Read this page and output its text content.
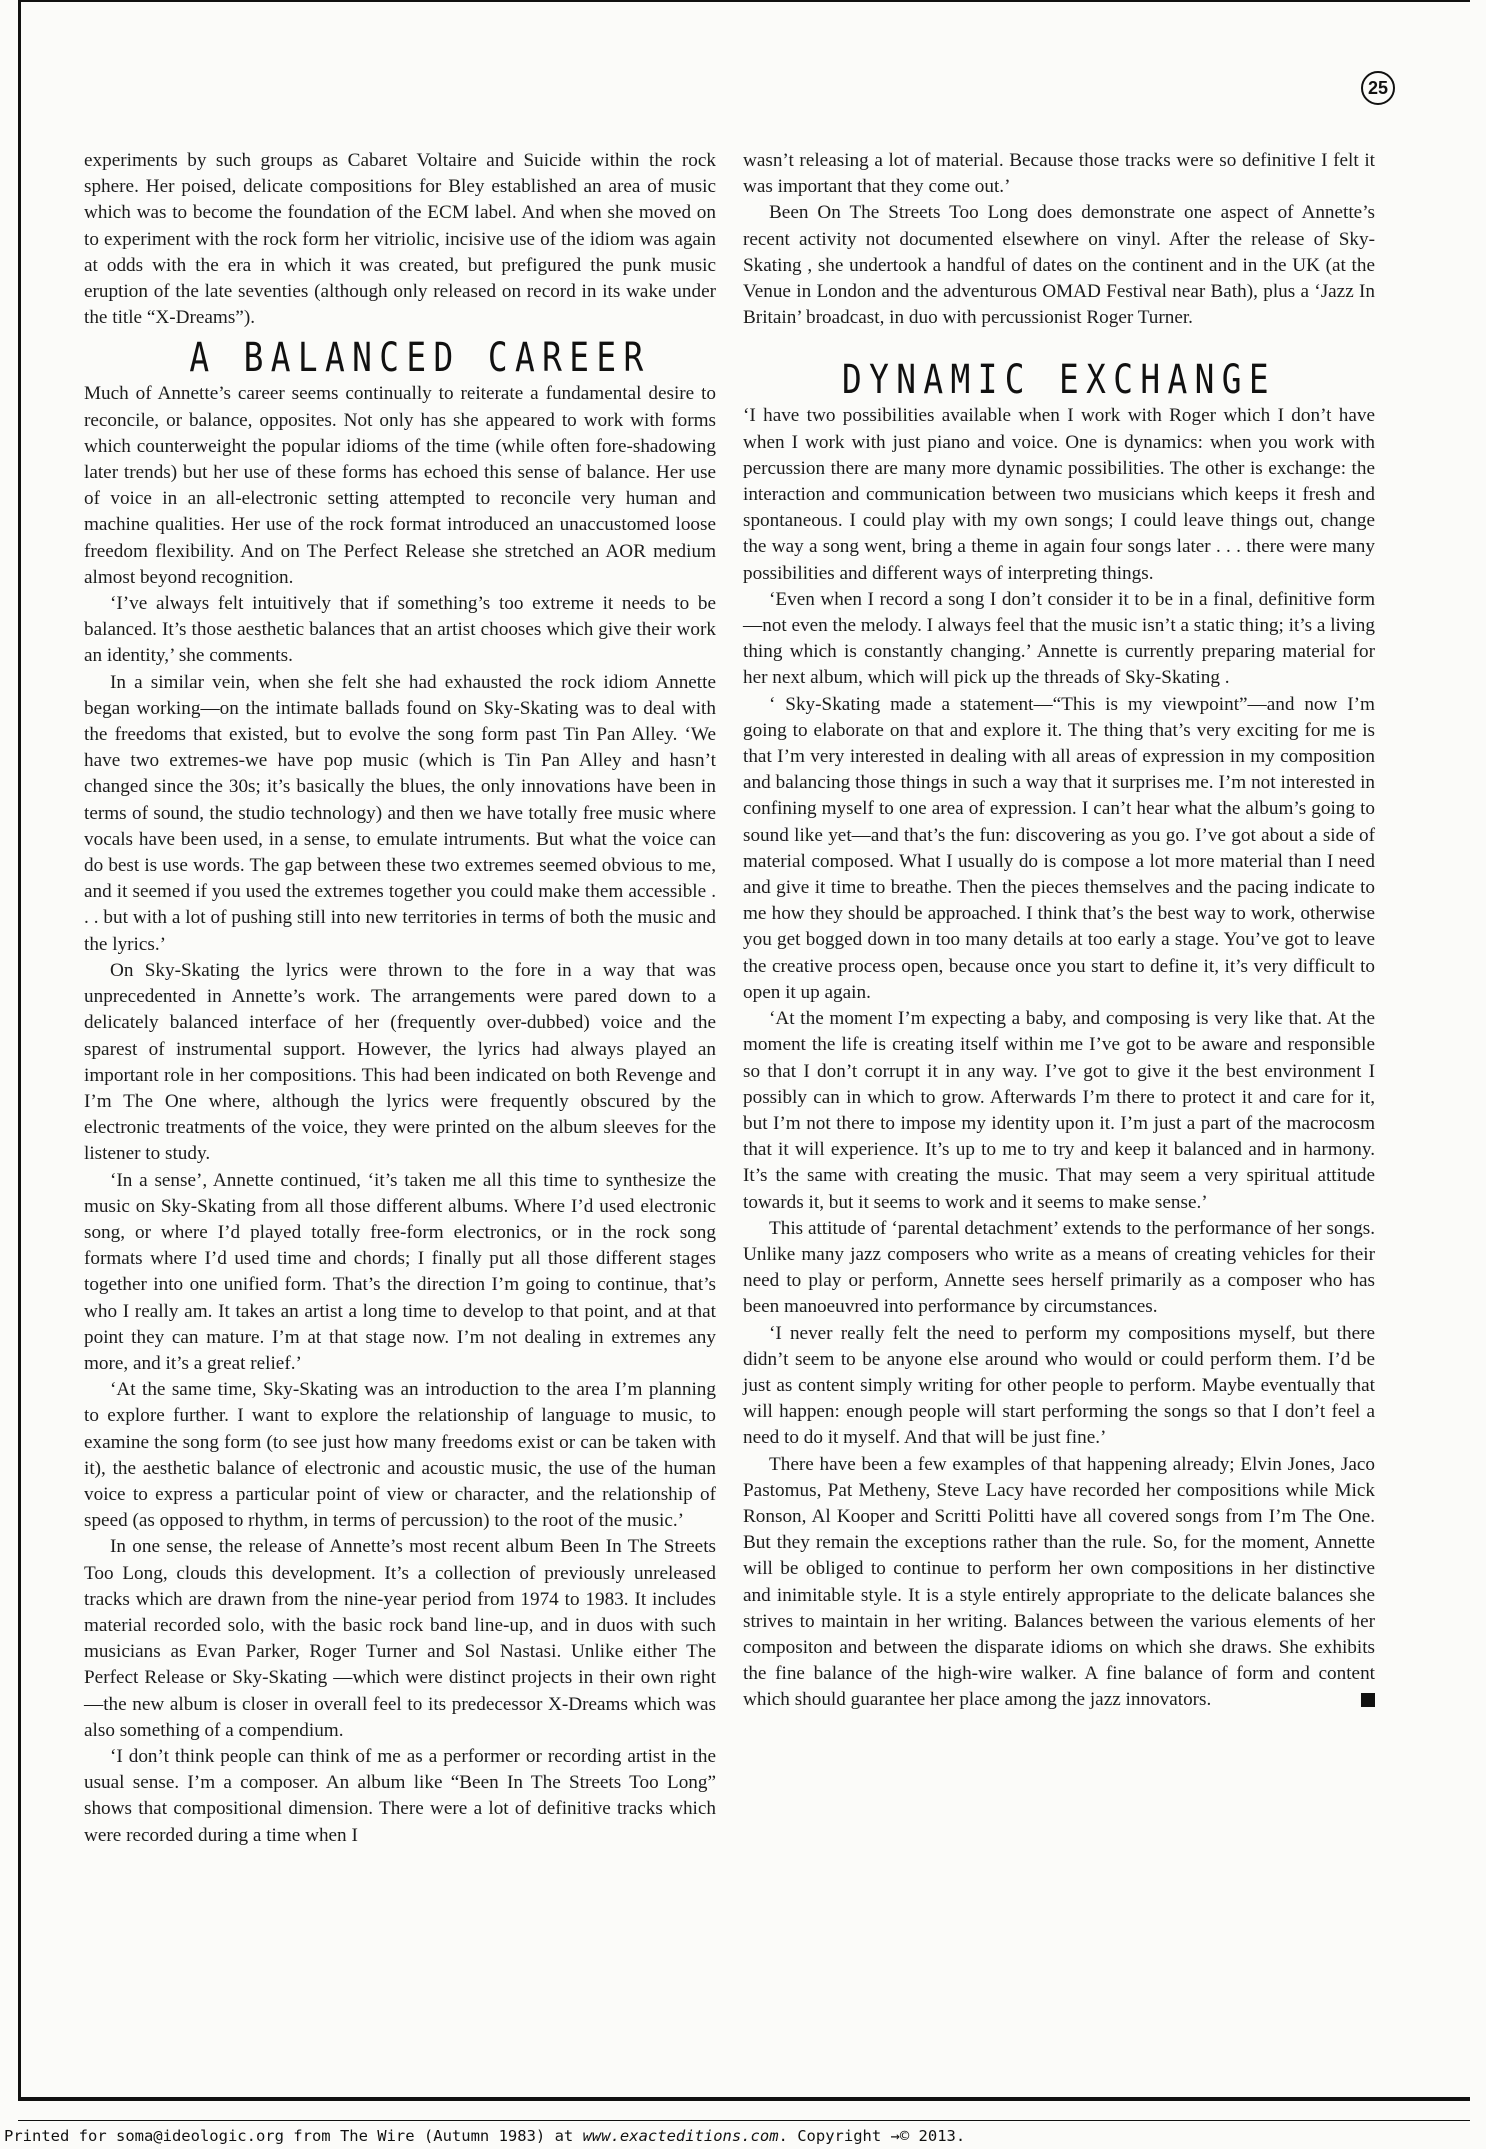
25

experiments by such groups as Cabaret Voltaire and Suicide within the rock sphere. Her poised, delicate compositions for Bley established an area of music which was to become the foundation of the ECM label. And when she moved on to experiment with the rock form her vitriolic, incisive use of the idiom was again at odds with the era in which it was created, but prefigured the punk music eruption of the late seventies (although only released on record in its wake under the title “X-Dreams”).

A BALANCED CAREER

Much of Annette’s career seems continually to reiterate a fundamental desire to reconcile, or balance, opposites. Not only has she appeared to work with forms which counterweight the popular idioms of the time (while often fore-shadowing later trends) but her use of these forms has echoed this sense of balance. Her use of voice in an all-electronic setting attempted to reconcile very human and machine qualities. Her use of the rock format introduced an unaccustomed loose freedom flexibility. And on The Perfect Release she stretched an AOR medium almost beyond recognition.

‘I’ve always felt intuitively that if something’s too extreme it needs to be balanced. It’s those aesthetic balances that an artist chooses which give their work an identity,’ she comments.

In a similar vein, when she felt she had exhausted the rock idiom Annette began working—on the intimate ballads found on Sky-Skating was to deal with the freedoms that existed, but to evolve the song form past Tin Pan Alley. ‘We have two extremes-we have pop music (which is Tin Pan Alley and hasn’t changed since the 30s; it’s basically the blues, the only innovations have been in terms of sound, the studio technology) and then we have totally free music where vocals have been used, in a sense, to emulate intruments. But what the voice can do best is use words. The gap between these two extremes seemed obvious to me, and it seemed if you used the extremes together you could make them accessible . . . but with a lot of pushing still into new territories in terms of both the music and the lyrics.’

On Sky-Skating the lyrics were thrown to the fore in a way that was unprecedented in Annette’s work. The arrangements were pared down to a delicately balanced interface of her (frequently over-dubbed) voice and the sparest of instrumental support. However, the lyrics had always played an important role in her compositions. This had been indicated on both Revenge and I’m The One where, although the lyrics were frequently obscured by the electronic treatments of the voice, they were printed on the album sleeves for the listener to study.

‘In a sense’, Annette continued, ‘it’s taken me all this time to synthesize the music on Sky-Skating from all those different albums. Where I’d used electronic song, or where I’d played totally free-form electronics, or in the rock song formats where I’d used time and chords; I finally put all those different stages together into one unified form. That’s the direction I’m going to continue, that’s who I really am. It takes an artist a long time to develop to that point, and at that point they can mature. I’m at that stage now. I’m not dealing in extremes any more, and it’s a great relief.’

‘At the same time, Sky-Skating was an introduction to the area I’m planning to explore further. I want to explore the relationship of language to music, to examine the song form (to see just how many freedoms exist or can be taken with it), the aesthetic balance of electronic and acoustic music, the use of the human voice to express a particular point of view or character, and the relationship of speed (as opposed to rhythm, in terms of percussion) to the root of the music.’

In one sense, the release of Annette’s most recent album Been In The Streets Too Long, clouds this development. It’s a collection of previously unreleased tracks which are drawn from the nine-year period from 1974 to 1983. It includes material recorded solo, with the basic rock band line-up, and in duos with such musicians as Evan Parker, Roger Turner and Sol Nastasi. Unlike either The Perfect Release or Sky-Skating —which were distinct projects in their own right—the new album is closer in overall feel to its predecessor X-Dreams which was also something of a compendium.

‘I don’t think people can think of me as a performer or recording artist in the usual sense. I’m a composer. An album like “Been In The Streets Too Long” shows that compositional dimension. There were a lot of definitive tracks which were recorded during a time when I

wasn’t releasing a lot of material. Because those tracks were so definitive I felt it was important that they come out.’

Been On The Streets Too Long does demonstrate one aspect of Annette’s recent activity not documented elsewhere on vinyl. After the release of Sky-Skating , she undertook a handful of dates on the continent and in the UK (at the Venue in London and the adventurous OMAD Festival near Bath), plus a ‘Jazz In Britain’ broadcast, in duo with percussionist Roger Turner.

DYNAMIC EXCHANGE

‘I have two possibilities available when I work with Roger which I don’t have when I work with just piano and voice. One is dynamics: when you work with percussion there are many more dynamic possibilities. The other is exchange: the interaction and communication between two musicians which keeps it fresh and spontaneous. I could play with my own songs; I could leave things out, change the way a song went, bring a theme in again four songs later . . . there were many possibilities and different ways of interpreting things.

‘Even when I record a song I don’t consider it to be in a final, definitive form—not even the melody. I always feel that the music isn’t a static thing; it’s a living thing which is constantly changing.’ Annette is currently preparing material for her next album, which will pick up the threads of Sky-Skating .

‘ Sky-Skating made a statement—“This is my viewpoint”—and now I’m going to elaborate on that and explore it. The thing that’s very exciting for me is that I’m very interested in dealing with all areas of expression in my composition and balancing those things in such a way that it surprises me. I’m not interested in confining myself to one area of expression. I can’t hear what the album’s going to sound like yet—and that’s the fun: discovering as you go. I’ve got about a side of material composed. What I usually do is compose a lot more material than I need and give it time to breathe. Then the pieces themselves and the pacing indicate to me how they should be approached. I think that’s the best way to work, otherwise you get bogged down in too many details at too early a stage. You’ve got to leave the creative process open, because once you start to define it, it’s very difficult to open it up again.

‘At the moment I’m expecting a baby, and composing is very like that. At the moment the life is creating itself within me I’ve got to be aware and responsible so that I don’t corrupt it in any way. I’ve got to give it the best environment I possibly can in which to grow. Afterwards I’m there to protect it and care for it, but I’m not there to impose my identity upon it. I’m just a part of the macrocosm that it will experience. It’s up to me to try and keep it balanced and in harmony. It’s the same with creating the music. That may seem a very spiritual attitude towards it, but it seems to work and it seems to make sense.’

This attitude of ‘parental detachment’ extends to the performance of her songs. Unlike many jazz composers who write as a means of creating vehicles for their need to play or perform, Annette sees herself primarily as a composer who has been manoeuvred into performance by circumstances.

‘I never really felt the need to perform my compositions myself, but there didn’t seem to be anyone else around who would or could perform them. I’d be just as content simply writing for other people to perform. Maybe eventually that will happen: enough people will start performing the songs so that I don’t feel a need to do it myself. And that will be just fine.’

There have been a few examples of that happening already; Elvin Jones, Jaco Pastomus, Pat Metheny, Steve Lacy have recorded her compositions while Mick Ronson, Al Kooper and Scritti Politti have all covered songs from I’m The One. But they remain the exceptions rather than the rule. So, for the moment, Annette will be obliged to continue to perform her own compositions in her distinctive and inimitable style. It is a style entirely appropriate to the delicate balances she strives to maintain in her writing. Balances between the various elements of her compositon and between the disparate idioms on which she draws. She exhibits the fine balance of the high-wire walker. A fine balance of form and content which should guarantee her place among the jazz innovators.

Printed for soma@ideologic.org from The Wire (Autumn 1983) at www.exacteditions.com. Copyright →© 2013.
